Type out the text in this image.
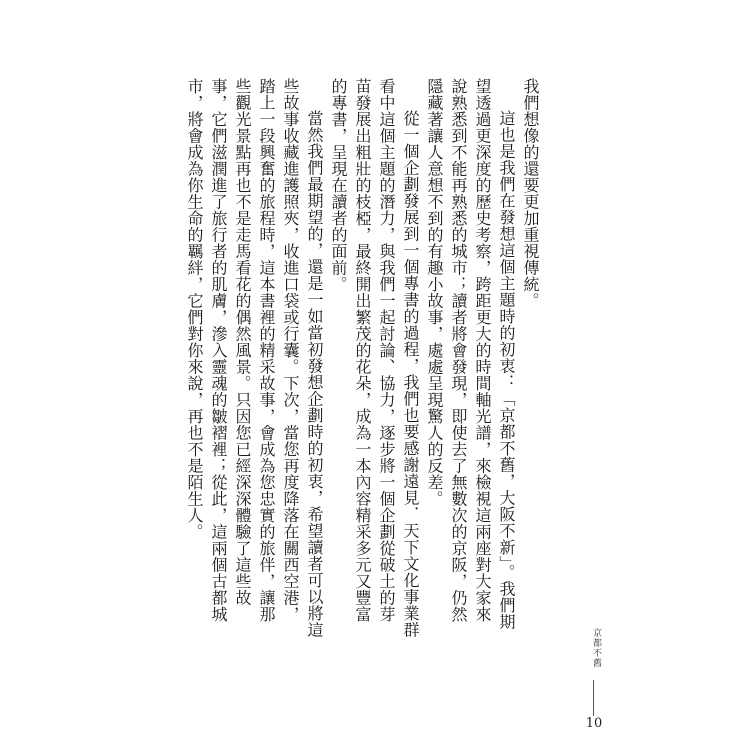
我們想像的還要更加重視傳統。

這也是我們在發想這個主題時的初衷：「京都不舊，大阪不新」。我們期望透過更深度的歷史考察，跨距更大的時間軸光譜，來檢視這兩座對大家來說熟悉到不能再熟悉的城市；讀者將會發現，即使去了無數次的京阪，仍然隱藏著讓人意想不到的有趣小故事，處處呈現驚人的反差。

從一個企劃發展到一個專書的過程，我們也要感謝遠見．天下文化事業群看中這個主題的潛力，與我們一起討論、協力，逐步將一個企劃從破土的芽苗發展出粗壯的枝椏，最終開出繁茂的花朵，成為一本內容精采多元又豐富的專書，呈現在讀者的面前。

當然我們最期望的，還是一如當初發想企劃時的初衷，希望讀者可以將這些故事收藏進護照夾，收進口袋或行囊。下次，當您再度降落在關西空港，踏上一段興奮的旅程時，這本書裡的精采故事，會成為您忠實的旅伴，讓那些觀光景點再也不是走馬看花的偶然風景。只因您已經深深體驗了這些故事，它們滋潤進了旅行者的肌膚，滲入靈魂的皺褶裡；從此，這兩個古都城市，將會成為你生命的羈絆，它們對你來說，再也不是陌生人。

京都不舊
10
